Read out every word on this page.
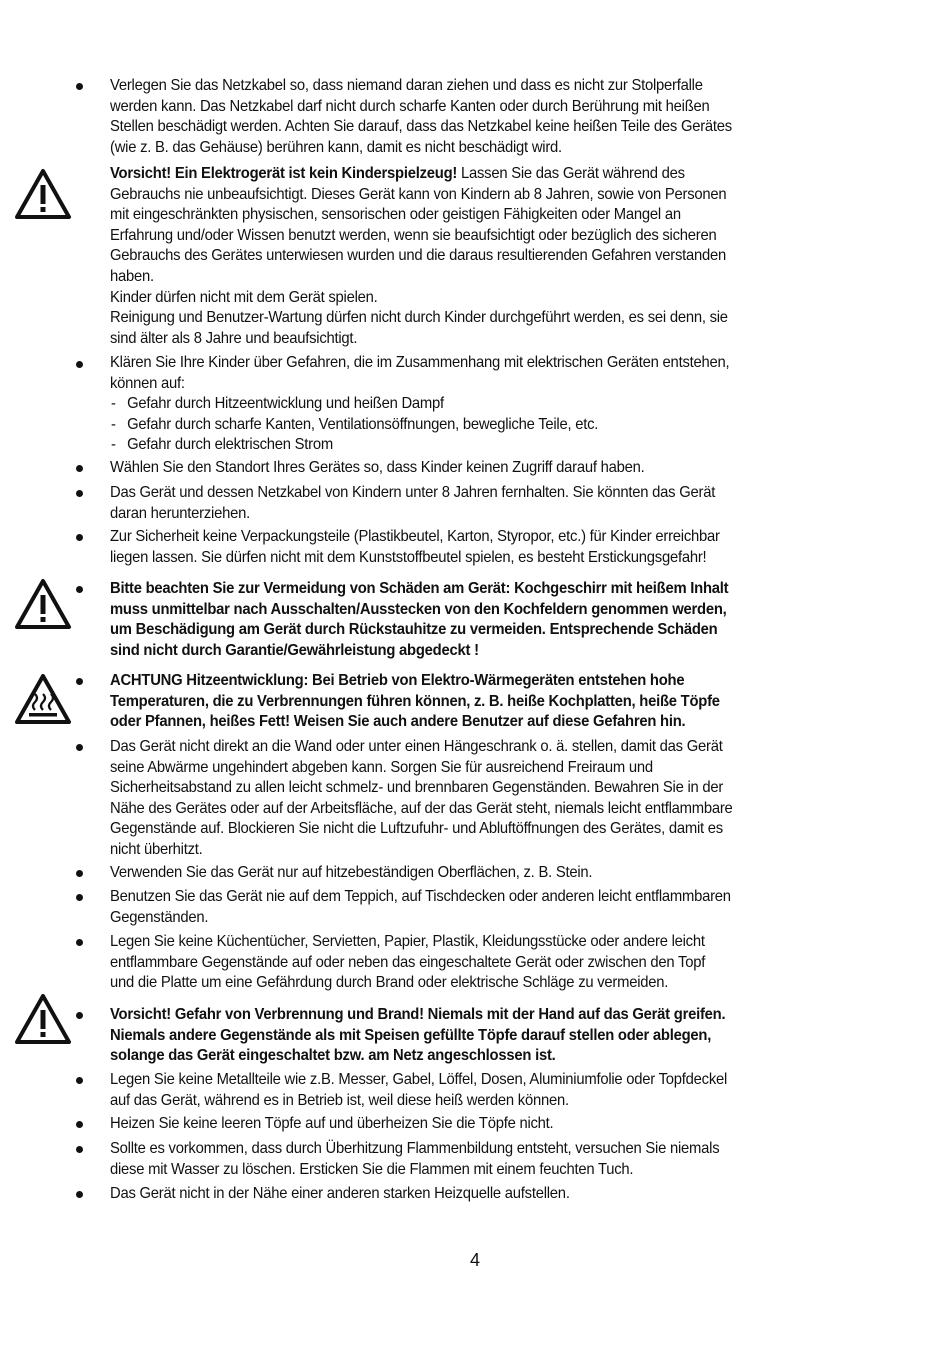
Verlegen Sie das Netzkabel so, dass niemand daran ziehen und dass es nicht zur Stolperfalle
werden kann. Das Netzkabel darf nicht durch scharfe Kanten oder durch Berührung mit heißen
Stellen beschädigt werden. Achten Sie darauf, dass das Netzkabel keine heißen Teile des Gerätes
(wie z. B. das Gehäuse) berühren kann, damit es nicht beschädigt wird.
Vorsicht! Ein Elektrogerät ist kein Kinderspielzeug! Lassen Sie das Gerät während des
Gebrauchs nie unbeaufsichtigt. Dieses Gerät kann von Kindern ab 8 Jahren, sowie von Personen
mit eingeschränkten physischen, sensorischen oder geistigen Fähigkeiten oder Mangel an
Erfahrung und/oder Wissen benutzt werden, wenn sie beaufsichtigt oder bezüglich des sicheren
Gebrauchs des Gerätes unterwiesen wurden und die daraus resultierenden Gefahren verstanden
haben.
Kinder dürfen nicht mit dem Gerät spielen.
Reinigung und Benutzer-Wartung dürfen nicht durch Kinder durchgeführt werden, es sei denn, sie
sind älter als 8 Jahre und beaufsichtigt.
Klären Sie Ihre Kinder über Gefahren, die im Zusammenhang mit elektrischen Geräten entstehen,
können auf:
- Gefahr durch Hitzeentwicklung und heißen Dampf
- Gefahr durch scharfe Kanten, Ventilationsöffnungen, bewegliche Teile, etc.
- Gefahr durch elektrischen Strom
Wählen Sie den Standort Ihres Gerätes so, dass Kinder keinen Zugriff darauf haben.
Das Gerät und dessen Netzkabel von Kindern unter 8 Jahren fernhalten. Sie könnten das Gerät
daran herunterziehen.
Zur Sicherheit keine Verpackungsteile (Plastikbeutel, Karton, Styropor, etc.) für Kinder erreichbar
liegen lassen. Sie dürfen nicht mit dem Kunststoffbeutel spielen, es besteht Erstickungsgefahr!
Bitte beachten Sie zur Vermeidung von Schäden am Gerät: Kochgeschirr mit heißem Inhalt
muss unmittelbar nach Ausschalten/Ausstecken von den Kochfeldern genommen werden,
um Beschädigung am Gerät durch Rückstauhitze zu vermeiden. Entsprechende Schäden
sind nicht durch Garantie/Gewährleistung abgedeckt !
ACHTUNG Hitzeentwicklung: Bei Betrieb von Elektro-Wärmegeräten entstehen hohe
Temperaturen, die zu Verbrennungen führen können, z. B. heiße Kochplatten, heiße Töpfe
oder Pfannen, heißes Fett! Weisen Sie auch andere Benutzer auf diese Gefahren hin.
Das Gerät nicht direkt an die Wand oder unter einen Hängeschrank o. ä. stellen, damit das Gerät
seine Abwärme ungehindert abgeben kann. Sorgen Sie für ausreichend Freiraum und
Sicherheitsabstand zu allen leicht schmelz- und brennbaren Gegenständen. Bewahren Sie in der
Nähe des Gerätes oder auf der Arbeitsfläche, auf der das Gerät steht, niemals leicht entflammbare
Gegenstände auf. Blockieren Sie nicht die Luftzufuhr- und Abluftöffnungen des Gerätes, damit es
nicht überhitzt.
Verwenden Sie das Gerät nur auf hitzebeständigen Oberflächen, z. B. Stein.
Benutzen Sie das Gerät nie auf dem Teppich, auf Tischdecken oder anderen leicht entflammbaren
Gegenständen.
Legen Sie keine Küchentücher, Servietten, Papier, Plastik, Kleidungsstücke oder andere leicht
entflammbare Gegenstände auf oder neben das eingeschaltete Gerät oder zwischen den Topf
und die Platte um eine Gefährdung durch Brand oder elektrische Schläge zu vermeiden.
Vorsicht! Gefahr von Verbrennung und Brand! Niemals mit der Hand auf das Gerät greifen.
Niemals andere Gegenstände als mit Speisen gefüllte Töpfe darauf stellen oder ablegen,
solange das Gerät eingeschaltet bzw. am Netz angeschlossen ist.
Legen Sie keine Metallteile wie z.B. Messer, Gabel, Löffel, Dosen, Aluminiumfolie oder Topfdeckel
auf das Gerät, während es in Betrieb ist, weil diese heiß werden können.
Heizen Sie keine leeren Töpfe auf und überheizen Sie die Töpfe nicht.
Sollte es vorkommen, dass durch Überhitzung Flammenbildung entsteht, versuchen Sie niemals
diese mit Wasser zu löschen. Ersticken Sie die Flammen mit einem feuchten Tuch.
Das Gerät nicht in der Nähe einer anderen starken Heizquelle aufstellen.
4
